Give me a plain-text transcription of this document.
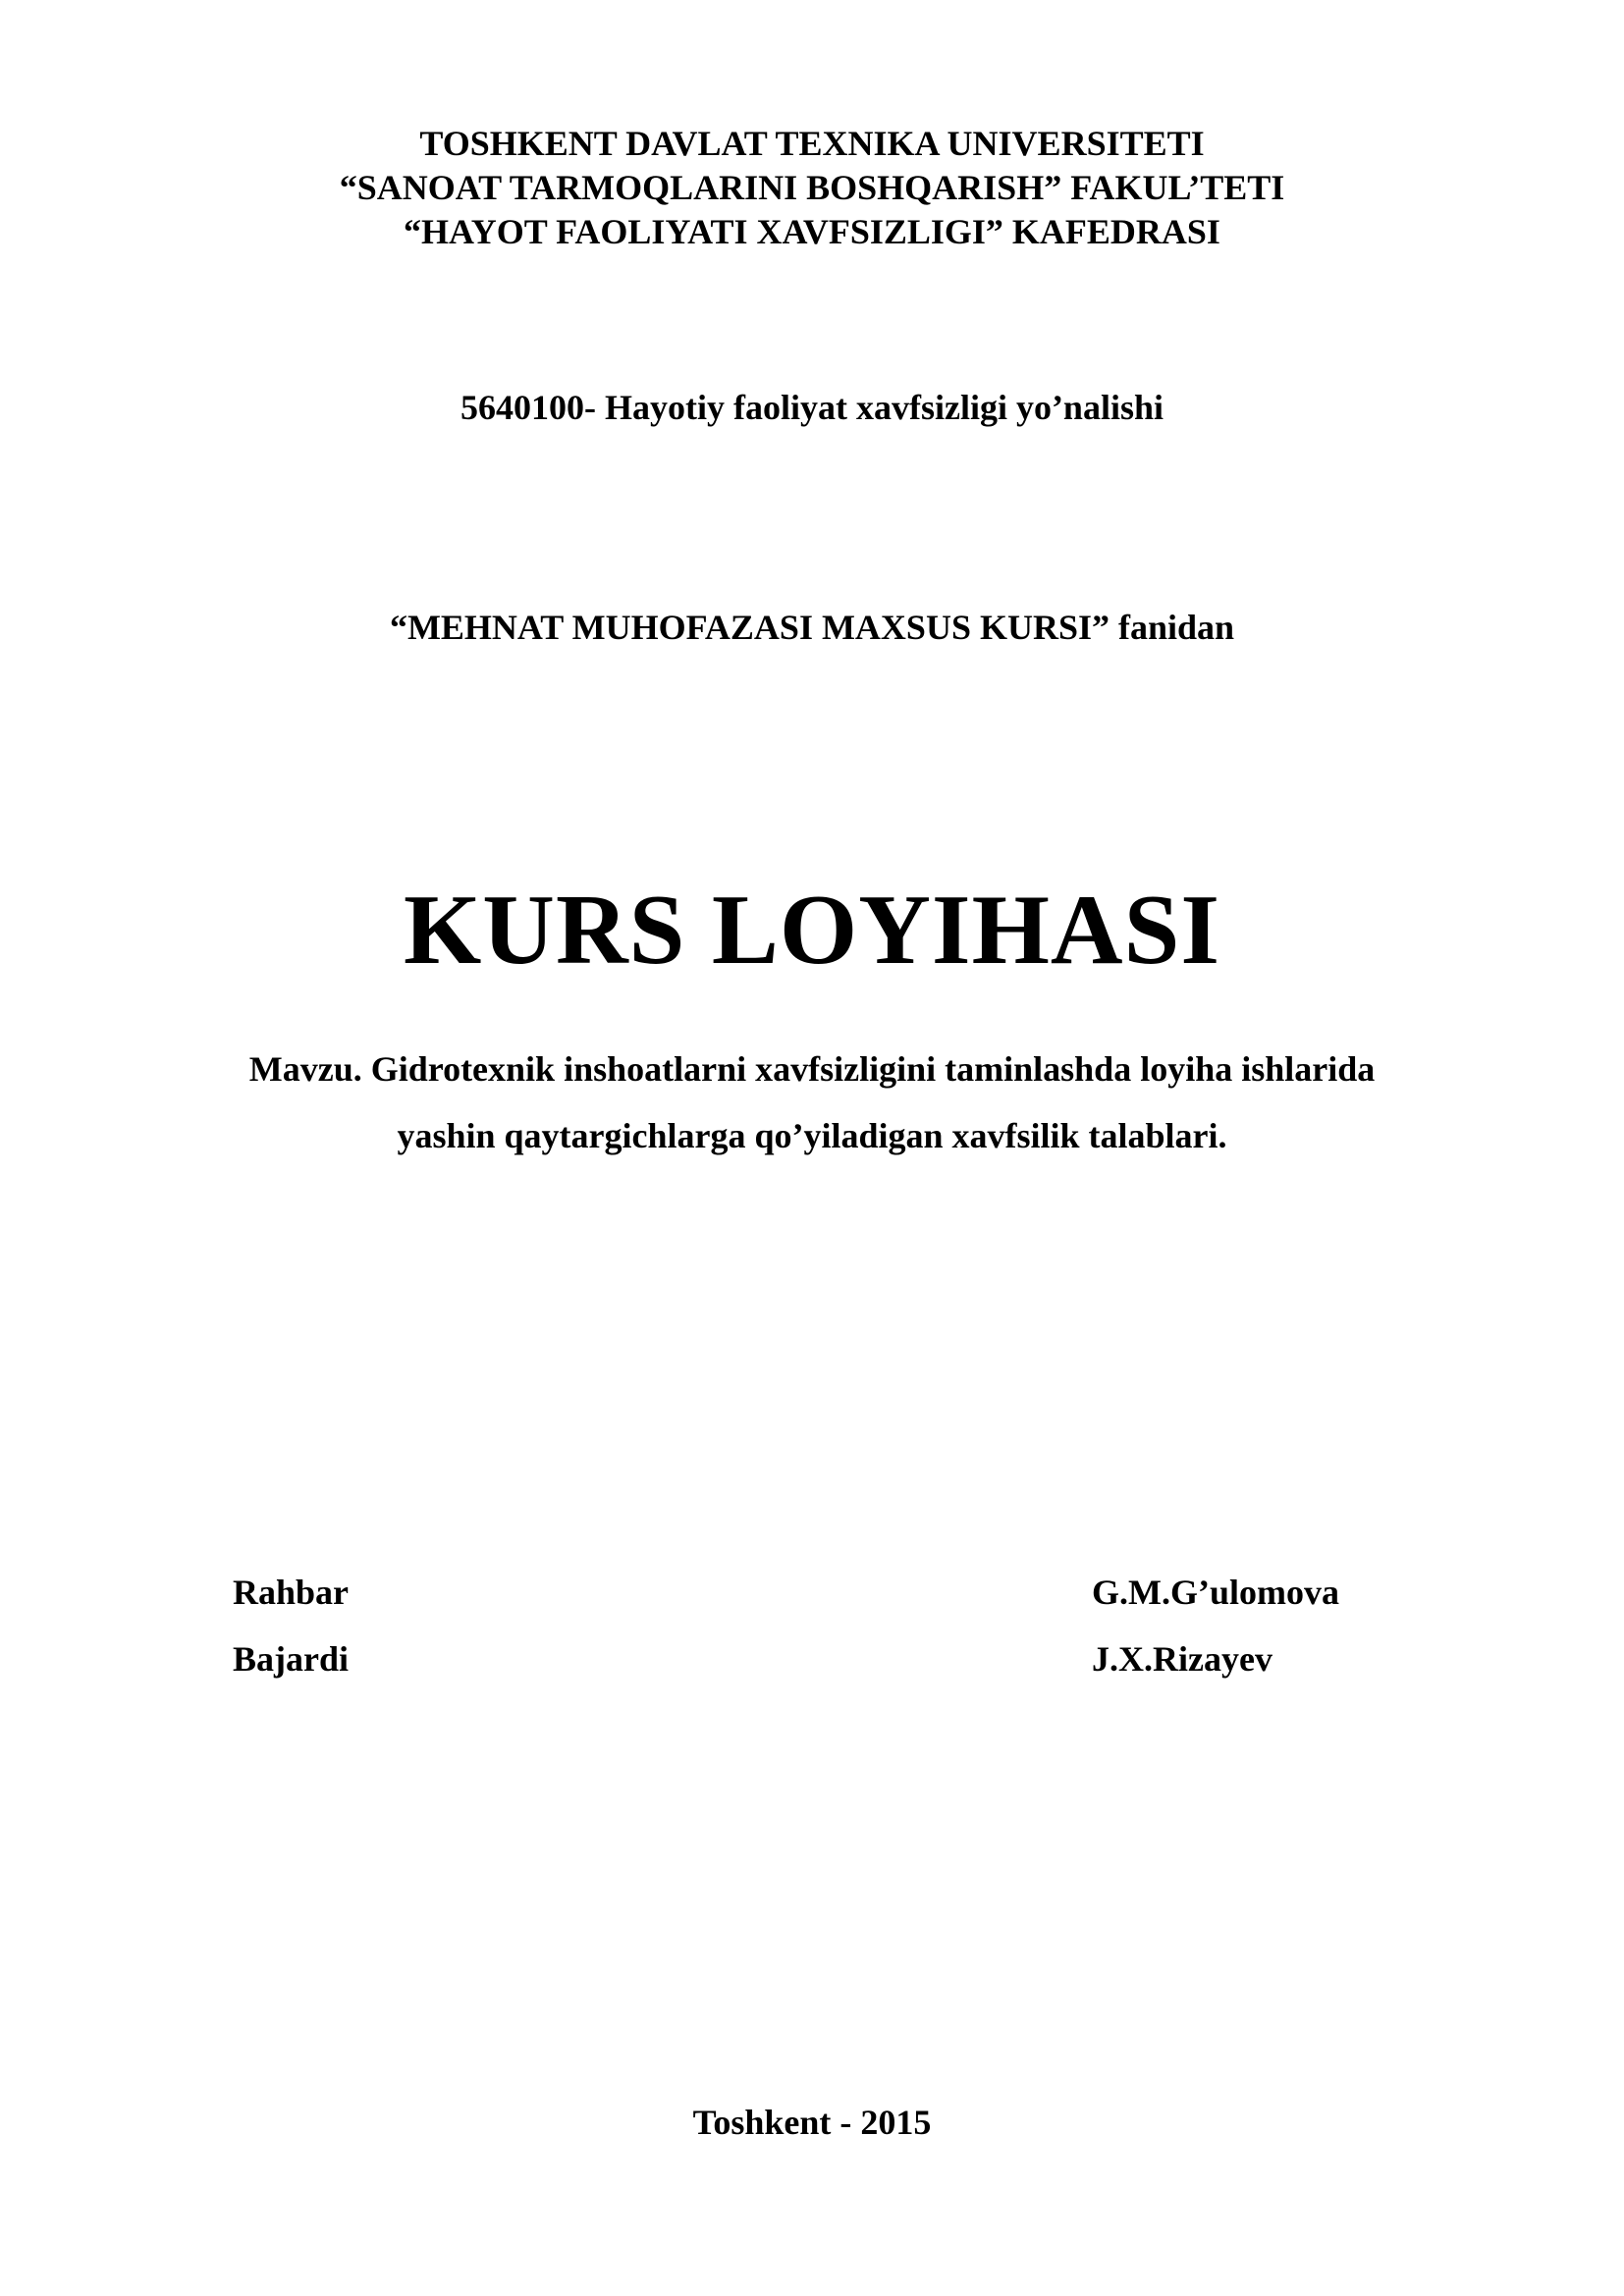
TOSHKENT DAVLAT TEXNIKA UNIVERSITETI
“SANOAT TARMOQLARINI BOSHQARISH” FAKUL’TETI
“HAYOT FAOLIYATI XAVFSIZLIGI” KAFEDRASI
5640100- Hayotiy faoliyat xavfsizligi yo’nalishi
“MEHNAT MUHOFAZASI MAXSUS KURSI” fanidan
KURS LOYIHASI
Mavzu. Gidrotexnik inshoatlarni xavfsizligini taminlashda loyiha ishlarida
yashin qaytargichlarga qo’yiladigan xavfsilik talablari.
Rahbar	G.M.G’ulomova
Bajardi	J.X.Rizayev
Toshkent - 2015
